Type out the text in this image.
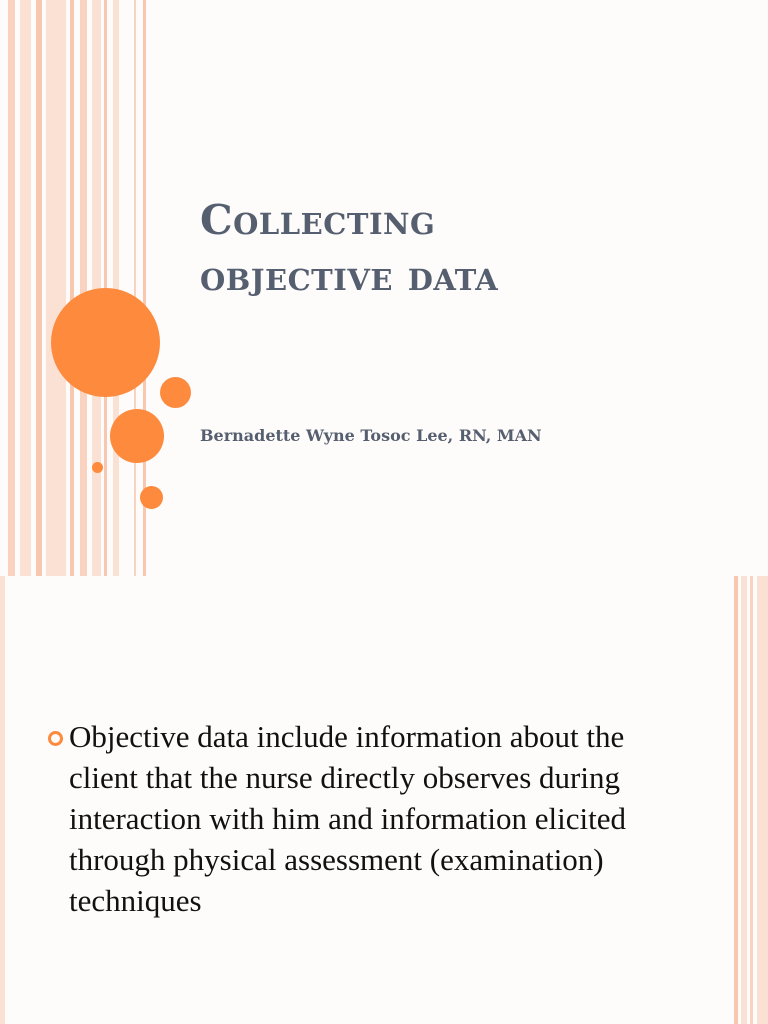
Collecting
objective data

Bernadette Wyne Tosoc Lee, RN, MAN

Objective data include information about the client that the nurse directly observes during interaction with him and information elicited through physical assessment (examination) techniques
